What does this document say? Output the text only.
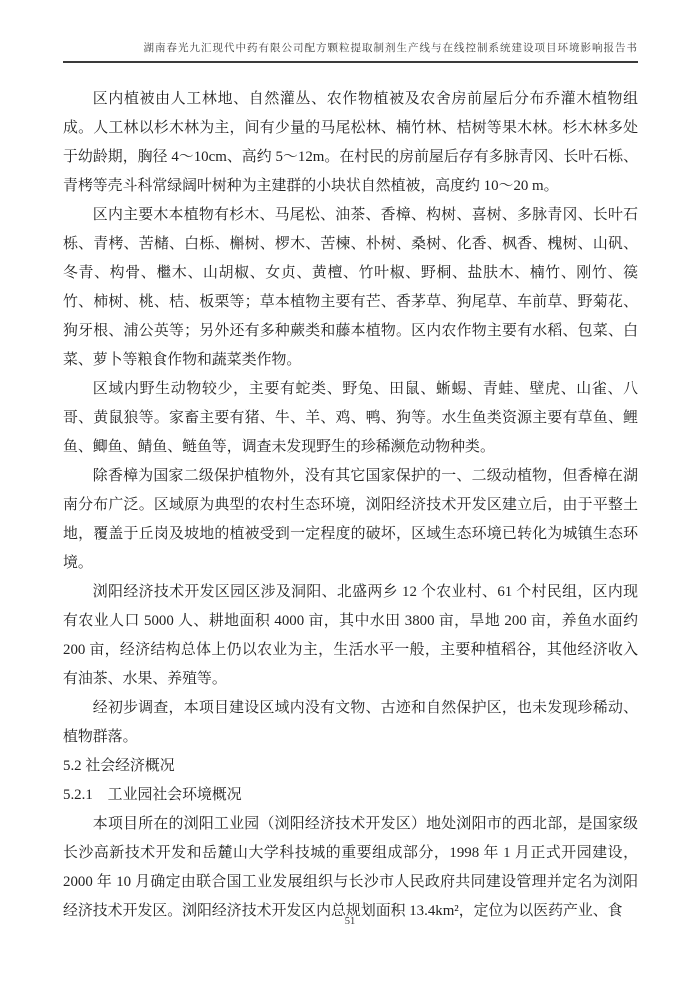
湖南春光九汇现代中药有限公司配方颗粒提取制剂生产线与在线控制系统建设项目环境影响报告书

区内植被由人工林地、自然灌丛、农作物植被及农舍房前屋后分布乔灌木植物组成。人工林以杉木林为主，间有少量的马尾松林、楠竹林、桔树等果木林。杉木林多处于幼龄期，胸径 4～10cm、高约 5～12m。在村民的房前屋后存有多脉青冈、长叶石栎、青栲等壳斗科常绿阔叶树种为主建群的小块状自然植被，高度约 10～20 m。

区内主要木本植物有杉木、马尾松、油茶、香樟、构树、喜树、多脉青冈、长叶石栎、青栲、苦槠、白栎、槲树、椤木、苦楝、朴树、桑树、化香、枫香、槐树、山矾、冬青、构骨、檵木、山胡椒、女贞、黄檀、竹叶椒、野桐、盐肤木、楠竹、刚竹、篌竹、柿树、桃、桔、板栗等；草本植物主要有芒、香茅草、狗尾草、车前草、野菊花、狗牙根、浦公英等；另外还有多种蕨类和藤本植物。区内农作物主要有水稻、包菜、白菜、萝卜等粮食作物和蔬菜类作物。

区域内野生动物较少，主要有蛇类、野兔、田鼠、蜥蜴、青蛙、壁虎、山雀、八哥、黄鼠狼等。家畜主要有猪、牛、羊、鸡、鸭、狗等。水生鱼类资源主要有草鱼、鲤鱼、鲫鱼、鲭鱼、鲢鱼等，调查未发现野生的珍稀濒危动物种类。

除香樟为国家二级保护植物外，没有其它国家保护的一、二级动植物，但香樟在湖南分布广泛。区域原为典型的农村生态环境，浏阳经济技术开发区建立后，由于平整土地，覆盖于丘岗及坡地的植被受到一定程度的破坏，区域生态环境已转化为城镇生态环境。

浏阳经济技术开发区园区涉及洞阳、北盛两乡 12 个农业村、61 个村民组，区内现有农业人口 5000 人、耕地面积 4000 亩，其中水田 3800 亩，旱地 200 亩，养鱼水面约 200 亩，经济结构总体上仍以农业为主，生活水平一般，主要种植稻谷，其他经济收入有油茶、水果、养殖等。

经初步调查，本项目建设区域内没有文物、古迹和自然保护区，也未发现珍稀动、植物群落。

5.2 社会经济概况
5.2.1　工业园社会环境概况

本项目所在的浏阳工业园（浏阳经济技术开发区）地处浏阳市的西北部，是国家级长沙高新技术开发和岳麓山大学科技城的重要组成部分，1998 年 1 月正式开园建设，2000 年 10 月确定由联合国工业发展组织与长沙市人民政府共同建设管理并定名为浏阳经济技术开发区。浏阳经济技术开发区内总规划面积 13.4km²，定位为以医药产业、食

51
